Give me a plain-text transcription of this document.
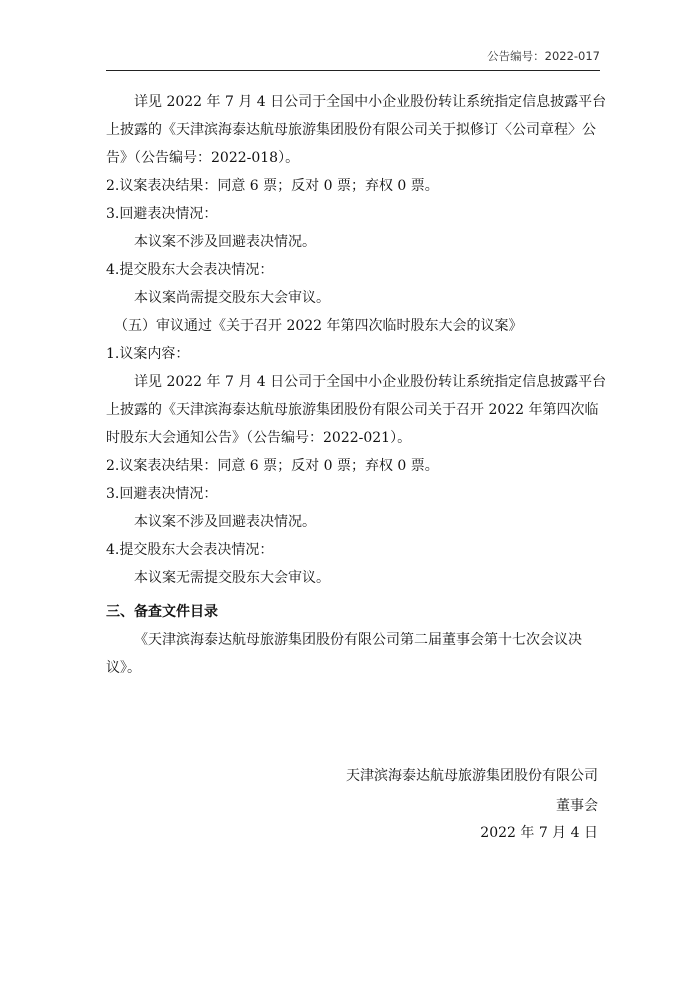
公告编号：2022-017

详见 2022 年 7 月 4 日公司于全国中小企业股份转让系统指定信息披露平台

上披露的《天津滨海泰达航母旅游集团股份有限公司关于拟修订〈公司章程〉公

告》（公告编号：2022-018）。

2.议案表决结果：同意 6 票；反对 0 票；弃权 0 票。

3.回避表决情况：

本议案不涉及回避表决情况。

4.提交股东大会表决情况：

本议案尚需提交股东大会审议。

（五）审议通过《关于召开 2022 年第四次临时股东大会的议案》

1.议案内容：

详见 2022 年 7 月 4 日公司于全国中小企业股份转让系统指定信息披露平台

上披露的《天津滨海泰达航母旅游集团股份有限公司关于召开 2022 年第四次临

时股东大会通知公告》（公告编号：2022-021）。

2.议案表决结果：同意 6 票；反对 0 票；弃权 0 票。

3.回避表决情况：

本议案不涉及回避表决情况。

4.提交股东大会表决情况：

本议案无需提交股东大会审议。

三、备查文件目录

《天津滨海泰达航母旅游集团股份有限公司第二届董事会第十七次会议决

议》。

天津滨海泰达航母旅游集团股份有限公司
董事会
2022 年 7 月 4 日
